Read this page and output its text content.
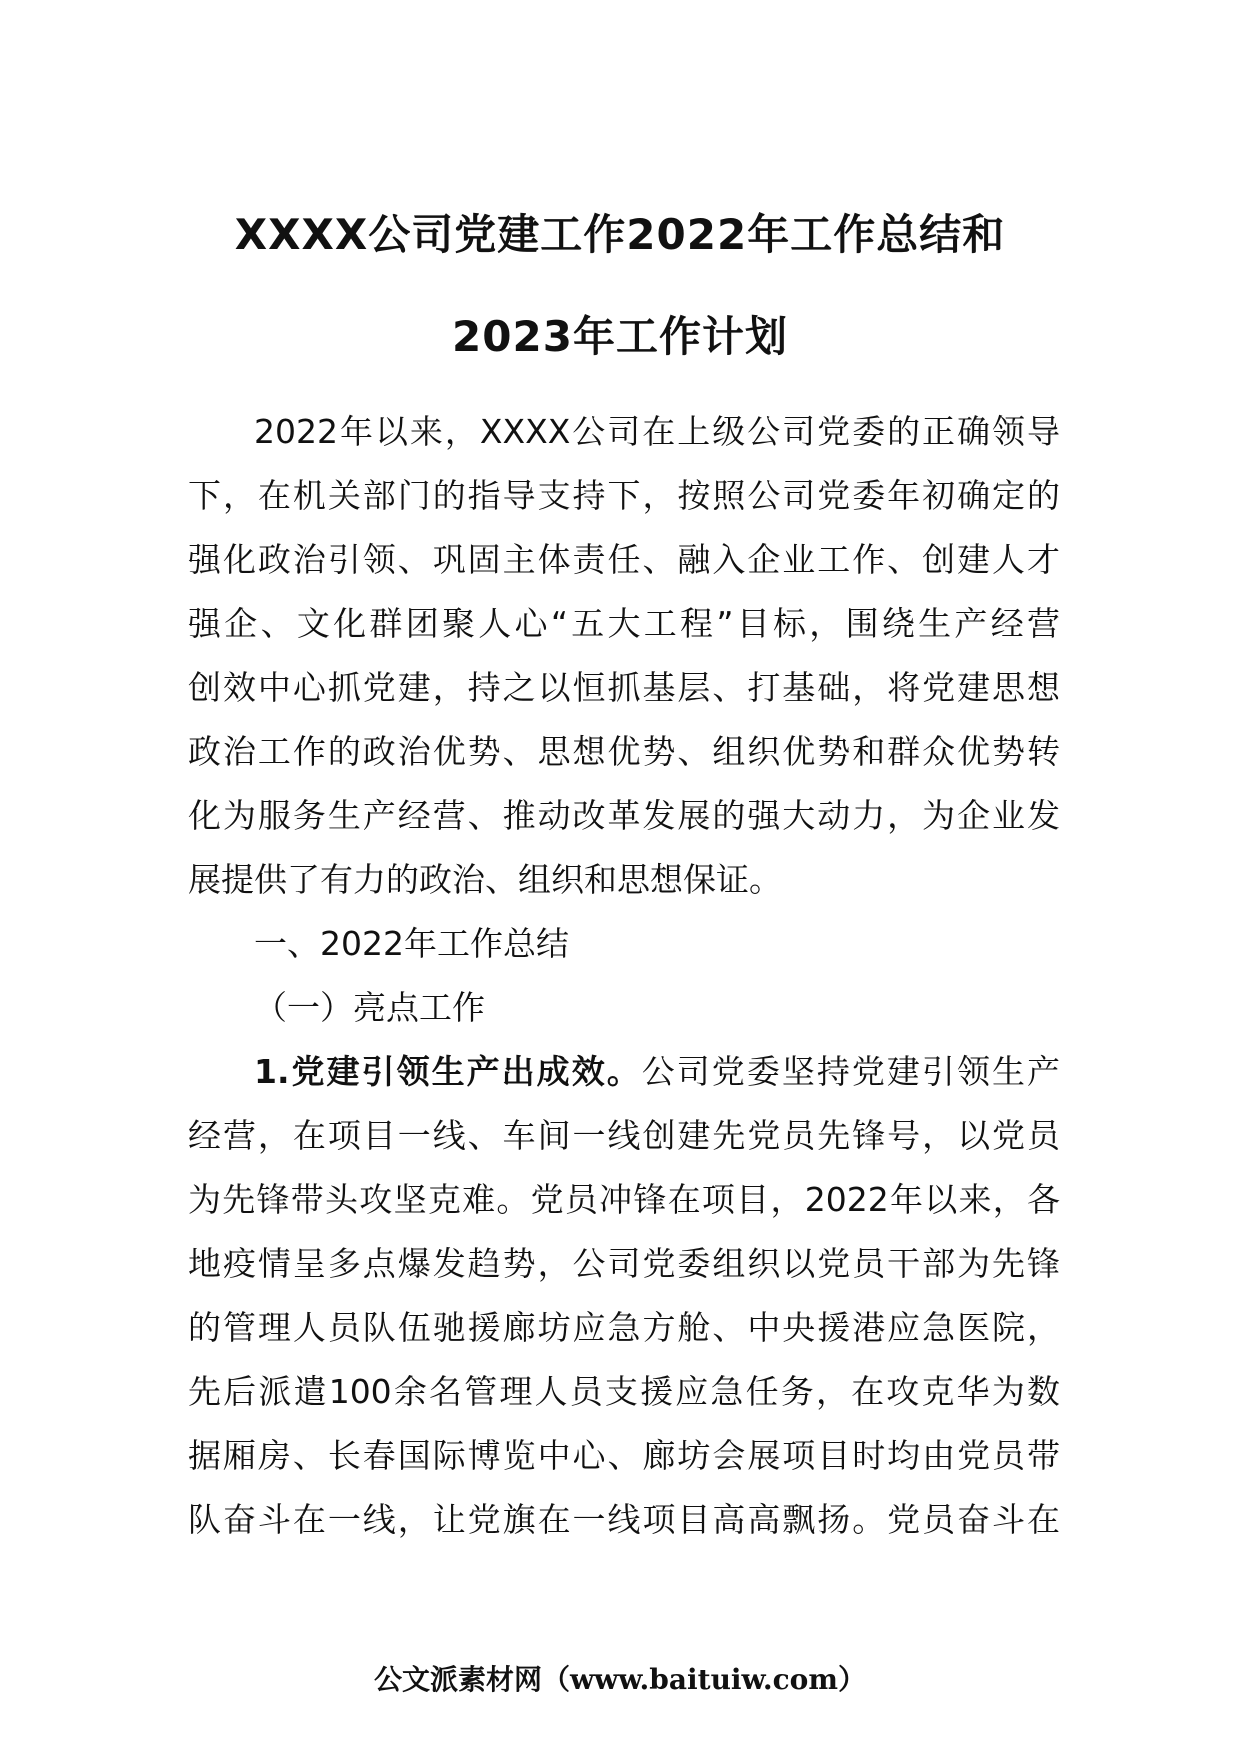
XXXX公司党建工作2022年工作总结和
2023年工作计划
2022年以来，XXXX公司在上级公司党委的正确领导
下，在机关部门的指导支持下，按照公司党委年初确定的
强化政治引领、巩固主体责任、融入企业工作、创建人才
强企、文化群团聚人心“五大工程”目标，围绕生产经营
创效中心抓党建，持之以恒抓基层、打基础，将党建思想
政治工作的政治优势、思想优势、组织优势和群众优势转
化为服务生产经营、推动改革发展的强大动力，为企业发
展提供了有力的政治、组织和思想保证。
一、2022年工作总结
（一）亮点工作
1.党建引领生产出成效。公司党委坚持党建引领生产
经营，在项目一线、车间一线创建先党员先锋号，以党员
为先锋带头攻坚克难。党员冲锋在项目，2022年以来，各
地疫情呈多点爆发趋势，公司党委组织以党员干部为先锋
的管理人员队伍驰援廊坊应急方舱、中央援港应急医院，
先后派遣100余名管理人员支援应急任务，在攻克华为数
据厢房、长春国际博览中心、廊坊会展项目时均由党员带
队奋斗在一线，让党旗在一线项目高高飘扬。党员奋斗在
公文派素材网（www.baituiw.com）
